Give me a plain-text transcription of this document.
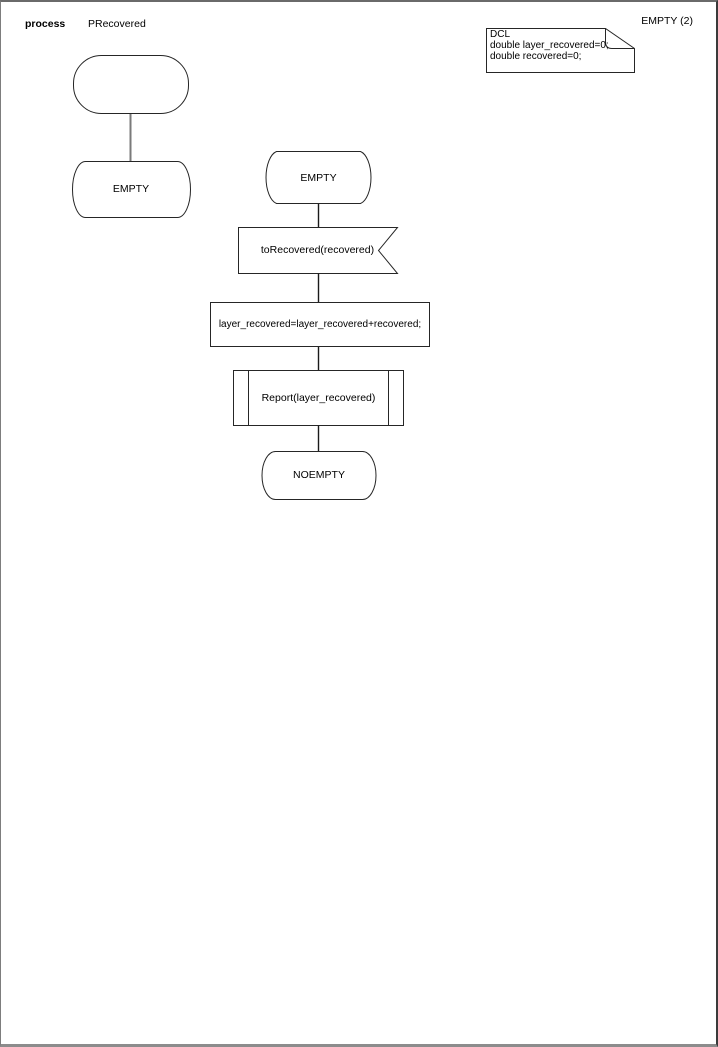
process PRecovered	EMPTY (2)
DCL
double layer_recovered=0;
double recovered=0;
EMPTY
EMPTY
toRecovered(recovered)
layer_recovered=layer_recovered+recovered;
Report(layer_recovered)
NOEMPTY
